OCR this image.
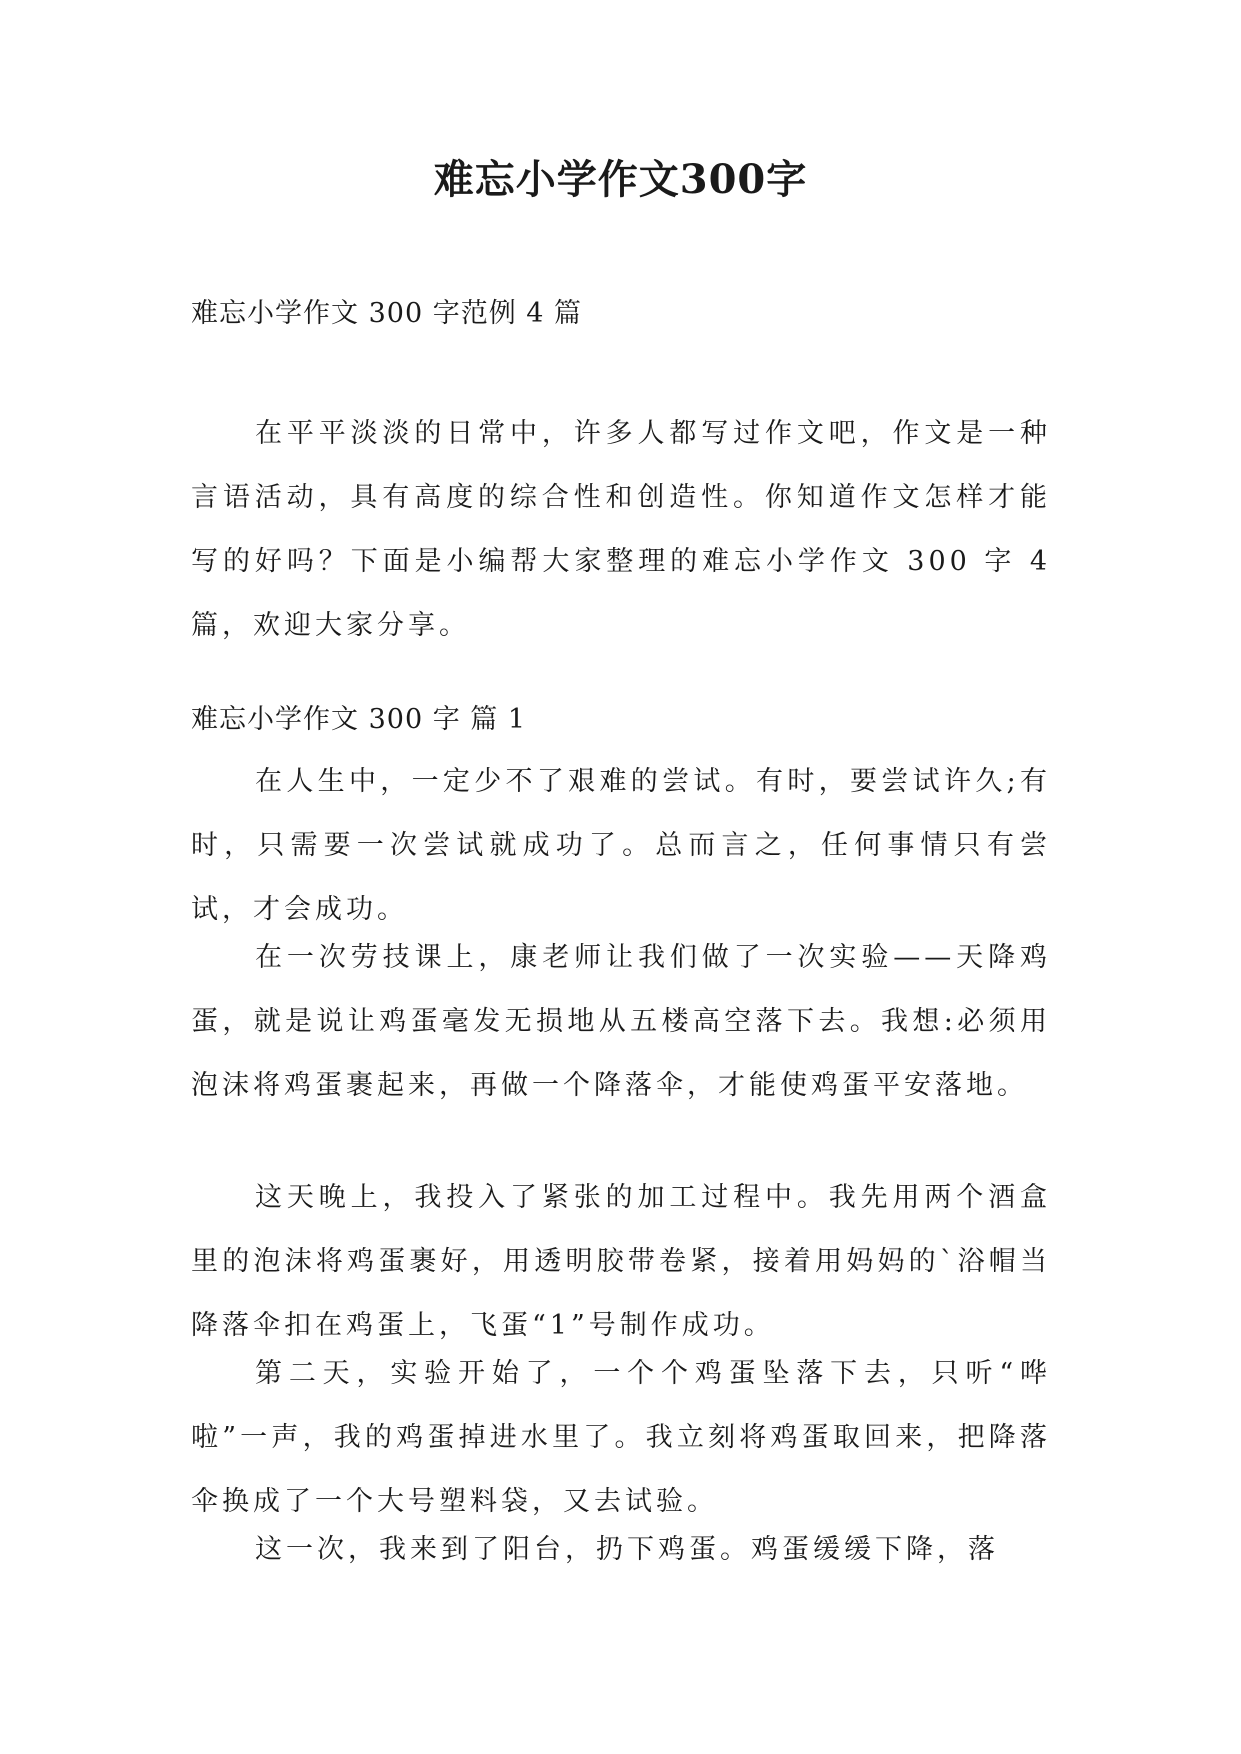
难忘小学作文300字
难忘小学作文 300 字范例 4 篇

在平平淡淡的日常中，许多人都写过作文吧，作文是一种言语活动，具有高度的综合性和创造性。你知道作文怎样才能写的好吗？下面是小编帮大家整理的难忘小学作文 300 字 4 篇，欢迎大家分享。

难忘小学作文 300 字 篇 1

在人生中，一定少不了艰难的尝试。有时，要尝试许久;有时，只需要一次尝试就成功了。总而言之，任何事情只有尝试，才会成功。

在一次劳技课上，康老师让我们做了一次实验——天降鸡蛋，就是说让鸡蛋毫发无损地从五楼高空落下去。我想:必须用泡沫将鸡蛋裹起来，再做一个降落伞，才能使鸡蛋平安落地。

这天晚上，我投入了紧张的加工过程中。我先用两个酒盒里的泡沫将鸡蛋裹好，用透明胶带卷紧，接着用妈妈的`浴帽当降落伞扣在鸡蛋上，飞蛋“1”号制作成功。

第二天，实验开始了，一个个鸡蛋坠落下去，只听“哗啦”一声，我的鸡蛋掉进水里了。我立刻将鸡蛋取回来，把降落伞换成了一个大号塑料袋，又去试验。

这一次，我来到了阳台，扔下鸡蛋。鸡蛋缓缓下降，落
